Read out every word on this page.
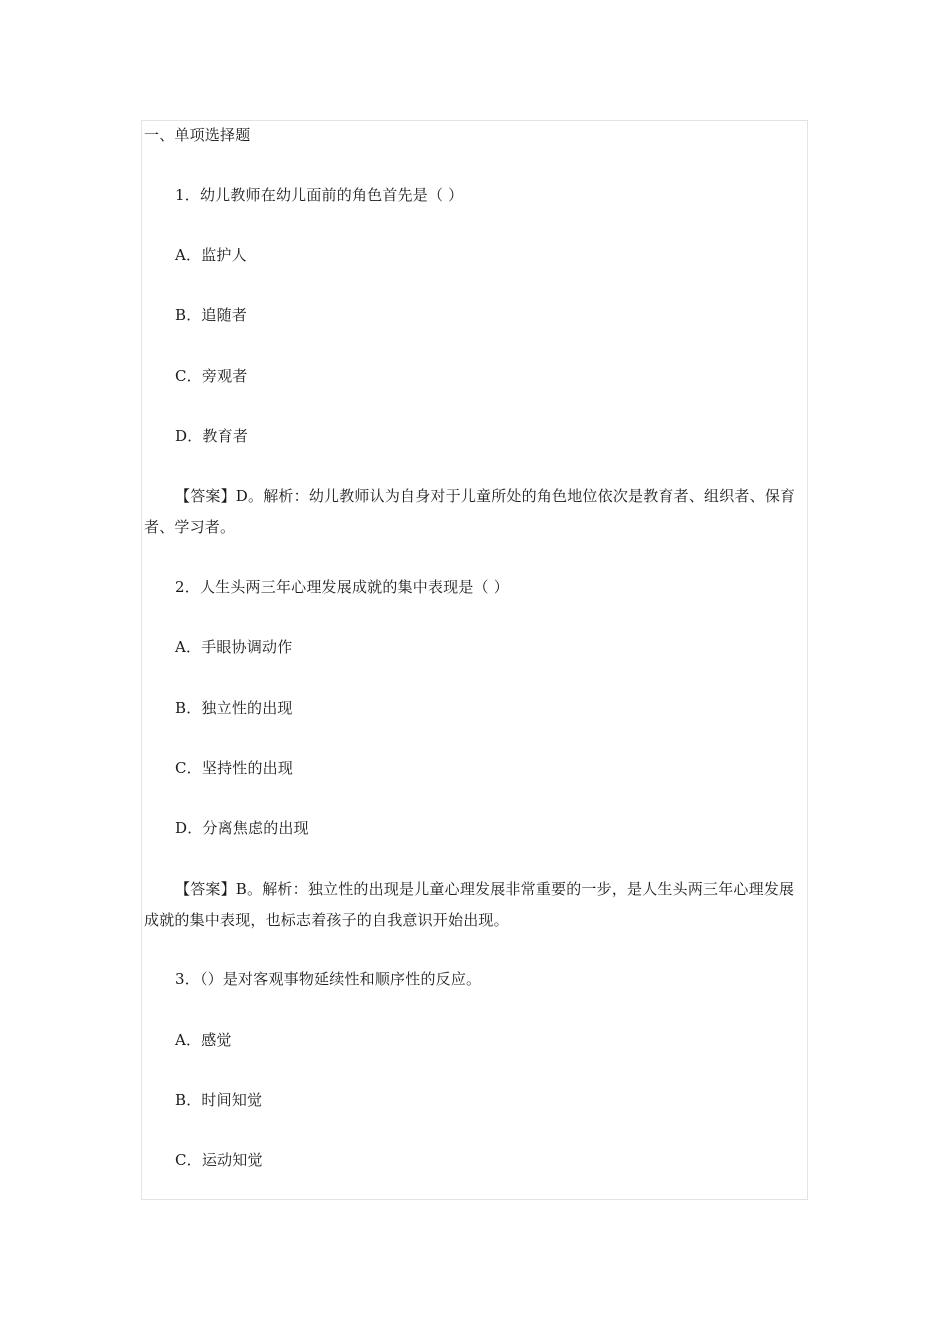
一、单项选择题
1．幼儿教师在幼儿面前的角色首先是（ ）
A．监护人
B．追随者
C．旁观者
D．教育者
【答案】D。解析：幼儿教师认为自身对于儿童所处的角色地位依次是教育者、组织者、保育者、学习者。
2．人生头两三年心理发展成就的集中表现是（ ）
A．手眼协调动作
B．独立性的出现
C．坚持性的出现
D．分离焦虑的出现
【答案】B。解析：独立性的出现是儿童心理发展非常重要的一步，是人生头两三年心理发展成就的集中表现，也标志着孩子的自我意识开始出现。
3．（）是对客观事物延续性和顺序性的反应。
A．感觉
B．时间知觉
C．运动知觉
